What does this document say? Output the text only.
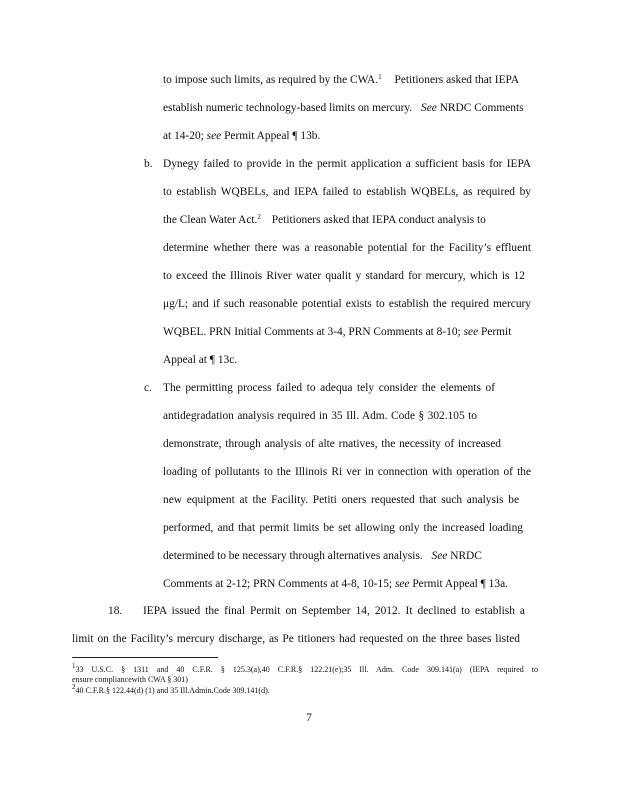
to impose such limits, as required by the CWA.$^1$ Petitioners asked that IEPA
establish numeric technology-based limits on mercury. See NRDC Comments
at 14-20; see Permit Appeal ¶ 13b.
b. Dynegy failed to provide in the permit application a sufficient basis for IEPA
to establish WQBELs, and IEPA failed to establish WQBELs, as required by
the Clean Water Act.$^2$ Petitioners asked that IEPA conduct analysis to
determine whether there was a reasonable potential for the Facility’s effluent
to exceed the Illinois River water qualit y standard for mercury, which is 12
μg/L; and if such reasonable potential exists to establish the required mercury
WQBEL. PRN Initial Comments at 3-4, PRN Comments at 8-10; see Permit
Appeal at ¶ 13c.
c. The permitting process failed to adequa tely consider the elements of
antidegradation analysis required in 35 Ill. Adm. Code § 302.105 to
demonstrate, through analysis of alte rnatives, the necessity of increased
loading of pollutants to the Illinois Ri ver in connection with operation of the
new equipment at the Facility. Petiti oners requested that such analysis be
performed, and that permit limits be set allowing only the increased loading
determined to be necessary through alternatives analysis. See NRDC
Comments at 2-12; PRN Comments at 4-8, 10-15; see Permit Appeal ¶ 13a.
18. IEPA issued the final Permit on September 14, 2012. It declined to establish a
limit on the Facility’s mercury discharge, as Pe titioners had requested on the three bases listed
$^1$33 U.S.C. § 1311 and 40 C.F.R. § 125.3(a),40 C.F.R.§ 122.21(e);35 Ill. Adm. Code 309.141(a) (IEPA required to
ensure compliancewith CWA § 301)
$^2$40 C.F.R.§ 122.44(d) (1) and 35 Ill.Admin.Code 309.141(d).
7
